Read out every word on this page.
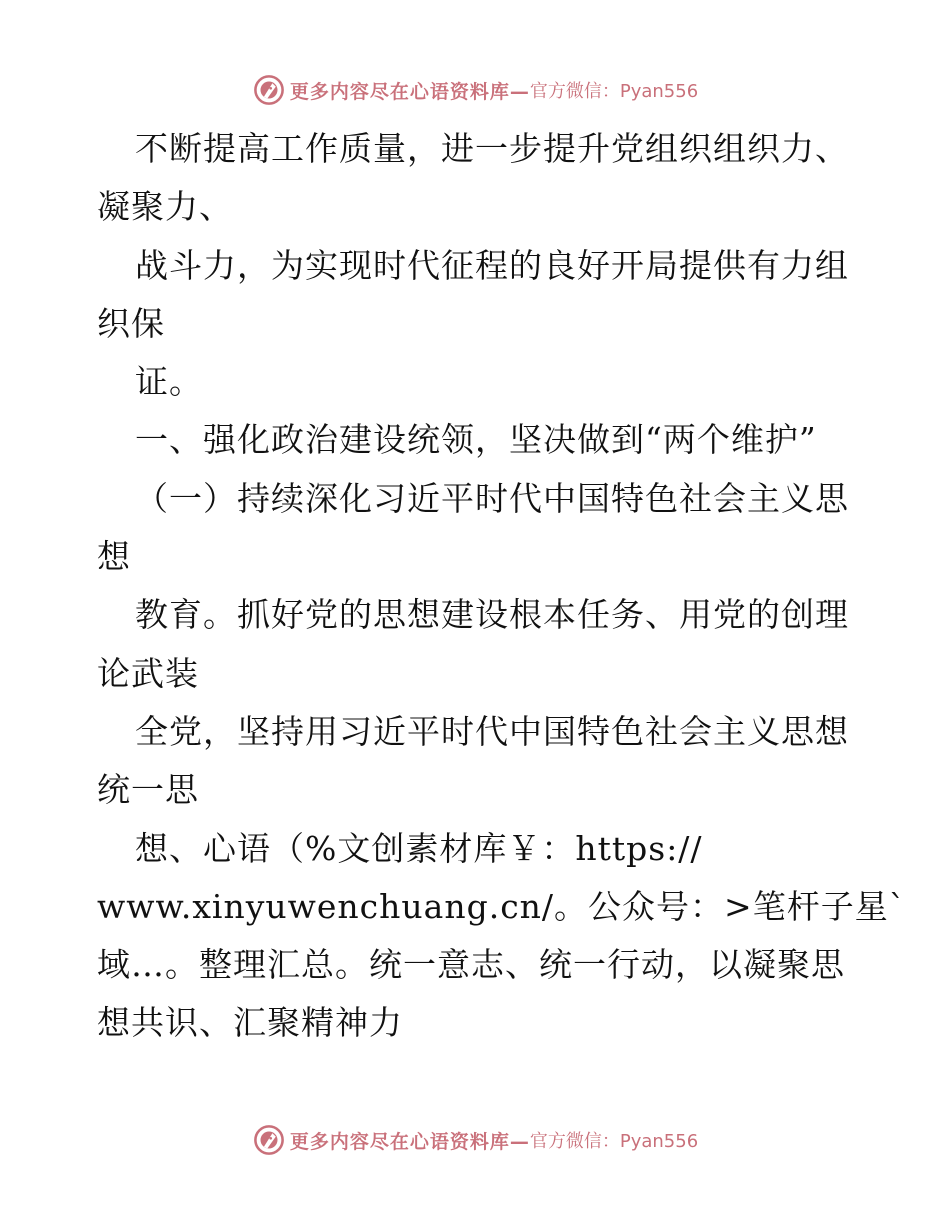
更多内容尽在心语资料库— 官方微信：Pyan556
不断提高工作质量，进一步提升党组织组织力、
凝聚力、
战斗力，为实现时代征程的良好开局提供有力组
织保
证。
一、强化政治建设统领，坚决做到“两个维护”
（一）持续深化习近平时代中国特色社会主义思
想
教育。抓好党的思想建设根本任务、用党的创理
论武装
全党，坚持用习近平时代中国特色社会主义思想
统一思
想、心语（%文创素材库￥：https://
www.xinyuwenchuang.cn/。公众号：>笔杆子星`
域…。整理汇总。统一意志、统一行动，以凝聚思
想共识、汇聚精神力
更多内容尽在心语资料库— 官方微信：Pyan556
